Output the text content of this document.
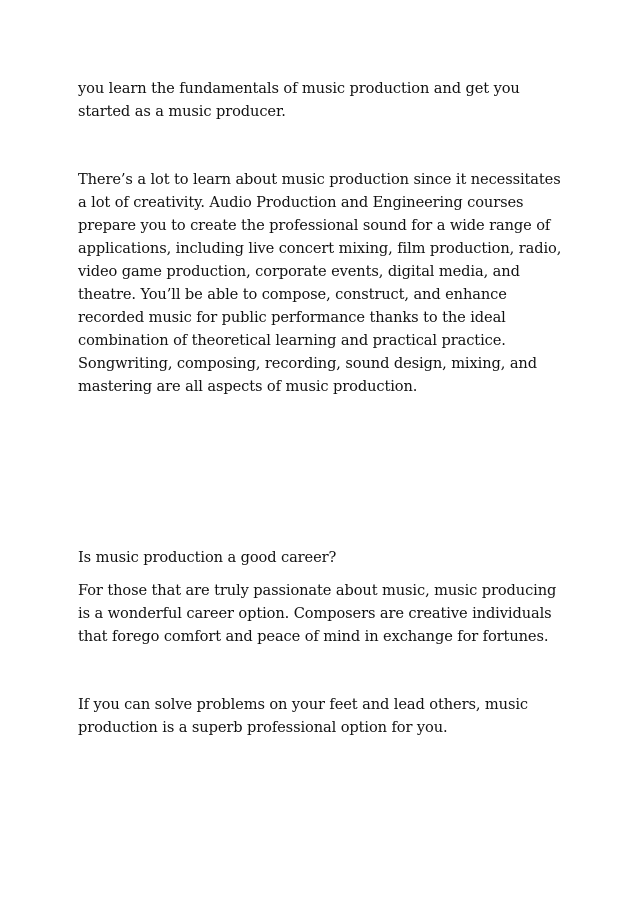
you learn the fundamentals of music production and get you

started as a music producer.

There’s a lot to learn about music production since it necessitates

a lot of creativity. Audio Production and Engineering courses

prepare you to create the professional sound for a wide range of

applications, including live concert mixing, film production, radio,

video game production, corporate events, digital media, and

theatre. You’ll be able to compose, construct, and enhance

recorded music for public performance thanks to the ideal

combination of theoretical learning and practical practice.

Songwriting, composing, recording, sound design, mixing, and

mastering are all aspects of music production.

Is music production a good career?

For those that are truly passionate about music, music producing

is a wonderful career option. Composers are creative individuals

that forego comfort and peace of mind in exchange for fortunes.

If you can solve problems on your feet and lead others, music

production is a superb professional option for you.
